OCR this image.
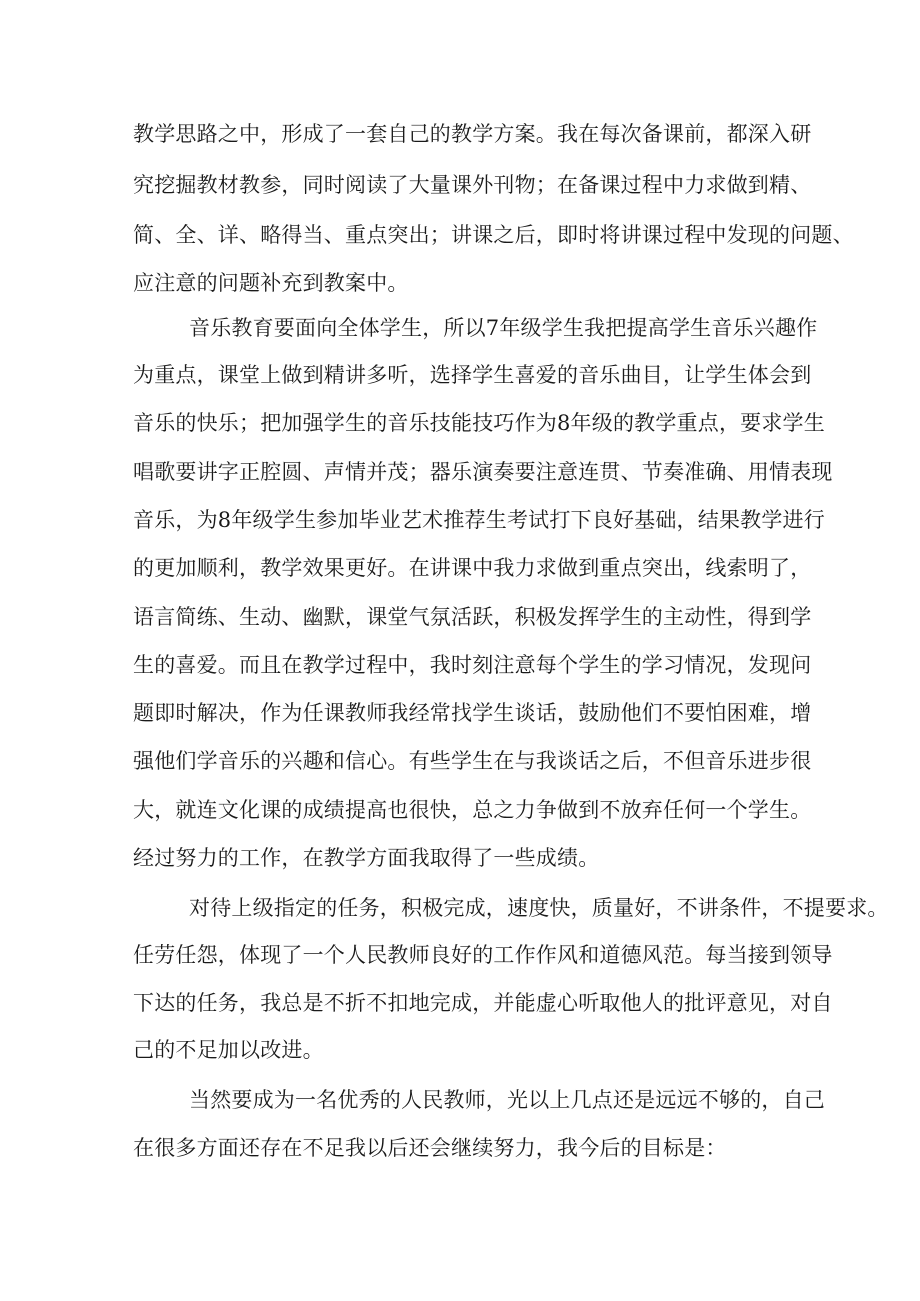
教学思路之中，形成了一套自己的教学方案。我在每次备课前，都深入研

究挖掘教材教参，同时阅读了大量课外刊物；在备课过程中力求做到精、

简、全、详、略得当、重点突出；讲课之后，即时将讲课过程中发现的问题、

应注意的问题补充到教案中。

音乐教育要面向全体学生，所以7年级学生我把提高学生音乐兴趣作

为重点，课堂上做到精讲多听，选择学生喜爱的音乐曲目，让学生体会到

音乐的快乐；把加强学生的音乐技能技巧作为8年级的教学重点，要求学生

唱歌要讲字正腔圆、声情并茂；器乐演奏要注意连贯、节奏准确、用情表现

音乐，为8年级学生参加毕业艺术推荐生考试打下良好基础，结果教学进行

的更加顺利，教学效果更好。在讲课中我力求做到重点突出，线索明了，

语言简练、生动、幽默，课堂气氛活跃，积极发挥学生的主动性，得到学

生的喜爱。而且在教学过程中，我时刻注意每个学生的学习情况，发现问

题即时解决，作为任课教师我经常找学生谈话，鼓励他们不要怕困难，增

强他们学音乐的兴趣和信心。有些学生在与我谈话之后，不但音乐进步很

大，就连文化课的成绩提高也很快，总之力争做到不放弃任何一个学生。

经过努力的工作，在教学方面我取得了一些成绩。

对待上级指定的任务，积极完成，速度快，质量好，不讲条件，不提要求。

任劳任怨，体现了一个人民教师良好的工作作风和道德风范。每当接到领导

下达的任务，我总是不折不扣地完成，并能虚心听取他人的批评意见，对自

己的不足加以改进。

当然要成为一名优秀的人民教师，光以上几点还是远远不够的，自己

在很多方面还存在不足我以后还会继续努力，我今后的目标是：
